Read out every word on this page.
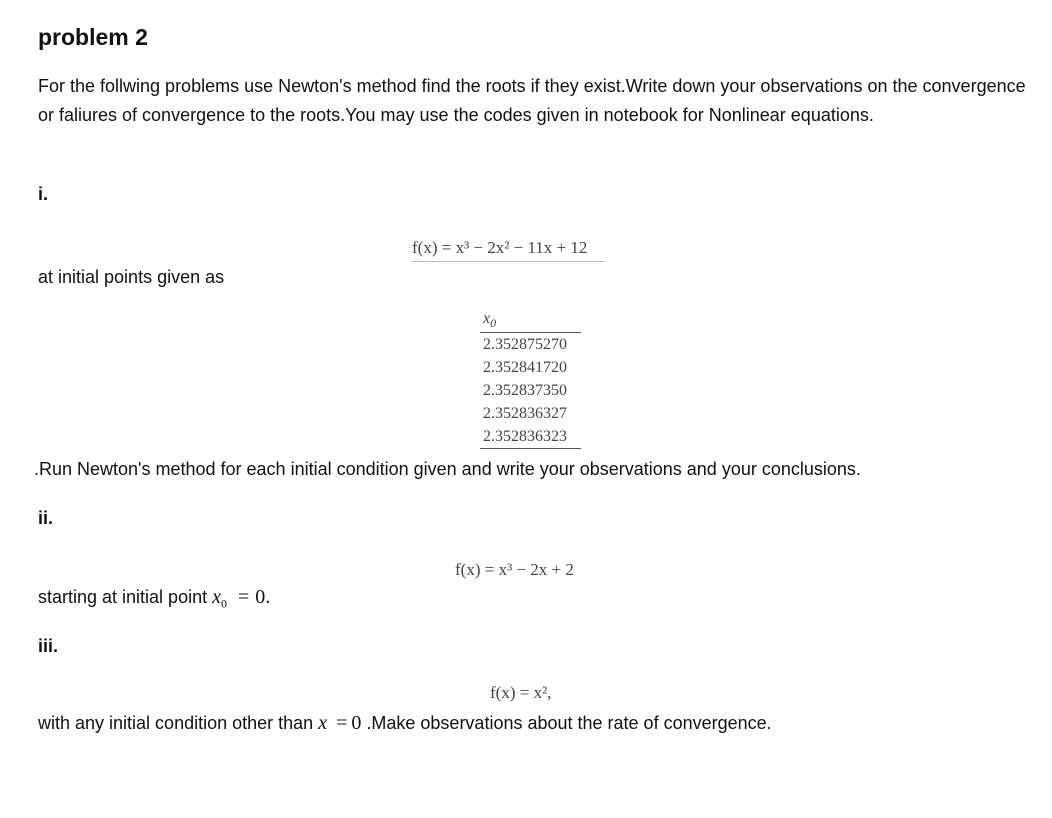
problem 2
For the follwing problems use Newton's method find the roots if they exist.Write down your observations on the convergence or faliures of convergence to the roots.You may use the codes given in notebook for Nonlinear equations.
i.
f(x) = x³ − 2x² − 11x + 12
at initial points given as
$x_0$
2.352875270
2.352841720
2.352837350
2.352836327
2.352836323
.Run Newton's method for each initial condition given and write your observations and your conclusions.
ii.
f(x) = x³ − 2x + 2
starting at initial point $x_0 = 0$.
iii.
f(x) = x²,
with any initial condition other than x = 0 .Make observations about the rate of convergence.
